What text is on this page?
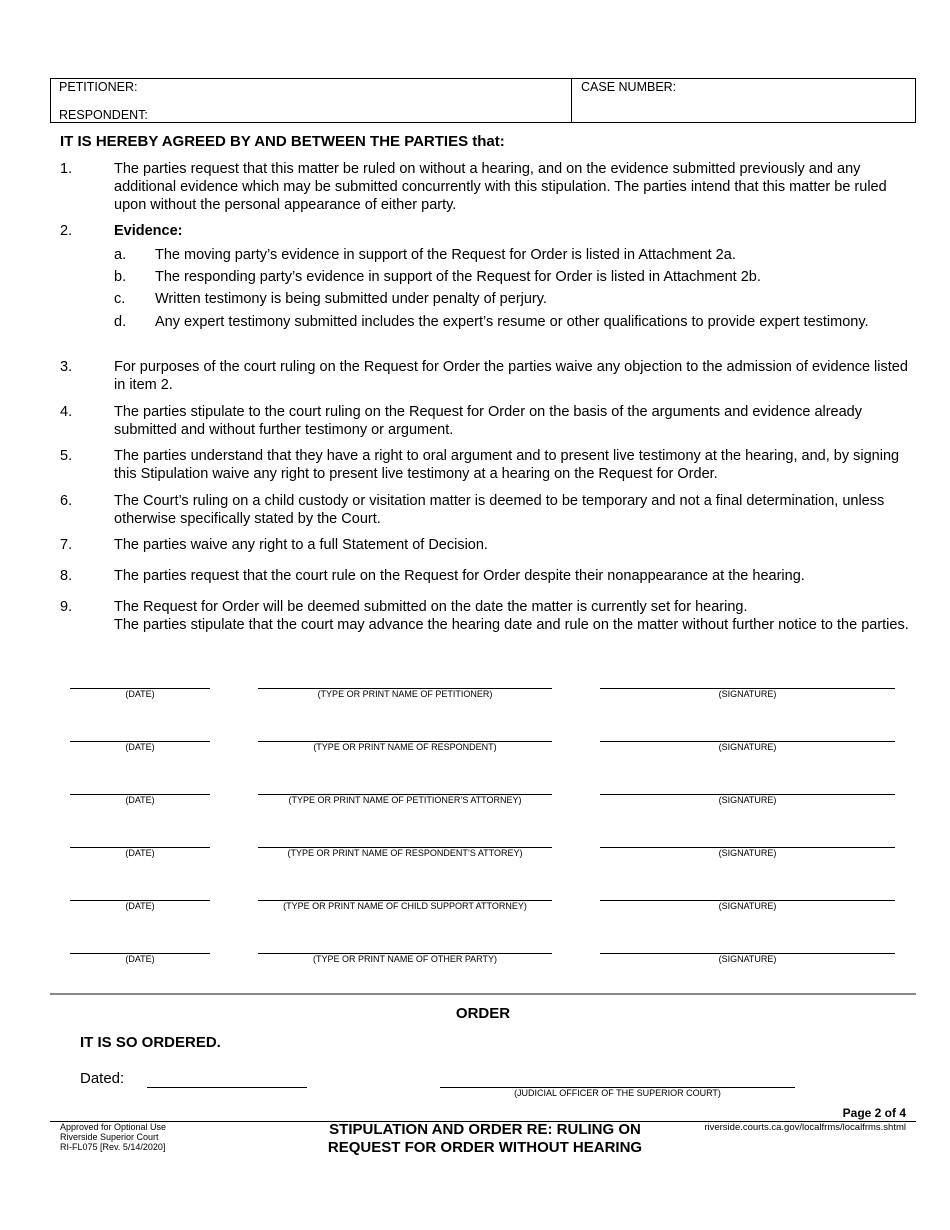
PETITIONER:
RESPONDENT:
CASE NUMBER:
IT IS HEREBY AGREED BY AND BETWEEN THE PARTIES that:
1.	The parties request that this matter be ruled on without a hearing, and on the evidence submitted previously and any additional evidence which may be submitted concurrently with this stipulation. The parties intend that this matter be ruled upon without the personal appearance of either party.
2.	Evidence:
a. The moving party’s evidence in support of the Request for Order is listed in Attachment 2a.
b. The responding party’s evidence in support of the Request for Order is listed in Attachment 2b.
c. Written testimony is being submitted under penalty of perjury.
d. Any expert testimony submitted includes the expert’s resume or other qualifications to provide expert testimony.
3.	For purposes of the court ruling on the Request for Order the parties waive any objection to the admission of evidence listed in item 2.
4.	The parties stipulate to the court ruling on the Request for Order on the basis of the arguments and evidence already submitted and without further testimony or argument.
5.	The parties understand that they have a right to oral argument and to present live testimony at the hearing, and, by signing this Stipulation waive any right to present live testimony at a hearing on the Request for Order.
6.	The Court’s ruling on a child custody or visitation matter is deemed to be temporary and not a final determination, unless otherwise specifically stated by the Court.
7.	The parties waive any right to a full Statement of Decision.
8.	The parties request that the court rule on the Request for Order despite their nonappearance at the hearing.
9.	The Request for Order will be deemed submitted on the date the matter is currently set for hearing.
The parties stipulate that the court may advance the hearing date and rule on the matter without further notice to the parties.
(DATE)	(TYPE OR PRINT NAME OF PETITIONER)	(SIGNATURE)
(DATE)	(TYPE OR PRINT NAME OF RESPONDENT)	(SIGNATURE)
(DATE)	(TYPE OR PRINT NAME OF PETITIONER’S ATTORNEY)	(SIGNATURE)
(DATE)	(TYPE OR PRINT NAME OF RESPONDENT’S ATTOREY)	(SIGNATURE)
(DATE)	(TYPE OR PRINT NAME OF CHILD SUPPORT ATTORNEY)	(SIGNATURE)
(DATE)	(TYPE OR PRINT NAME OF OTHER PARTY)	(SIGNATURE)
ORDER
IT IS SO ORDERED.
Dated:
(JUDICIAL OFFICER OF THE SUPERIOR COURT)
Page 2 of 4
Approved for Optional Use
Riverside Superior Court
RI-FL075 [Rev. 5/14/2020]
STIPULATION AND ORDER RE: RULING ON
REQUEST FOR ORDER WITHOUT HEARING
riverside.courts.ca.gov/localfrms/localfrms.shtml
